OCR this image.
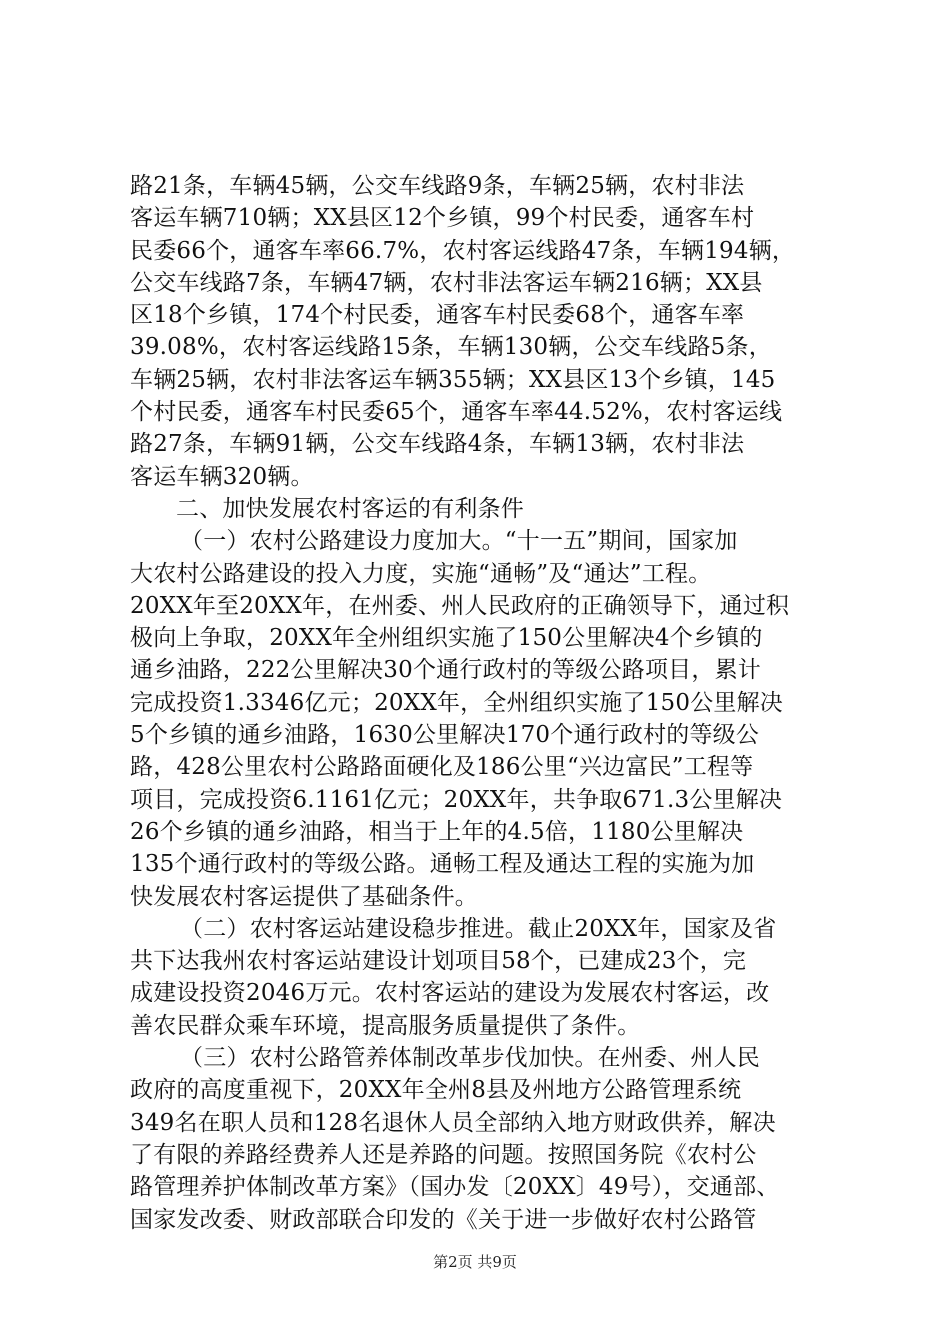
路21条，车辆45辆，公交车线路9条，车辆25辆，农村非法
客运车辆710辆；XX县区12个乡镇，99个村民委，通客车村
民委66个，通客车率66.7%，农村客运线路47条，车辆194辆，
公交车线路7条，车辆47辆，农村非法客运车辆216辆；XX县
区18个乡镇，174个村民委，通客车村民委68个，通客车率
39.08%，农村客运线路15条，车辆130辆，公交车线路5条，
车辆25辆，农村非法客运车辆355辆；XX县区13个乡镇，145
个村民委，通客车村民委65个，通客车率44.52%，农村客运线
路27条，车辆91辆，公交车线路4条，车辆13辆，农村非法
客运车辆320辆。
二、加快发展农村客运的有利条件
（一）农村公路建设力度加大。“十一五”期间，国家加
大农村公路建设的投入力度，实施“通畅”及“通达”工程。
20XX年至20XX年，在州委、州人民政府的正确领导下，通过积
极向上争取，20XX年全州组织实施了150公里解决4个乡镇的
通乡油路，222公里解决30个通行政村的等级公路项目，累计
完成投资1.3346亿元；20XX年，全州组织实施了150公里解决
5个乡镇的通乡油路，1630公里解决170个通行政村的等级公
路，428公里农村公路路面硬化及186公里“兴边富民”工程等
项目，完成投资6.1161亿元；20XX年，共争取671.3公里解决
26个乡镇的通乡油路，相当于上年的4.5倍，1180公里解决
135个通行政村的等级公路。通畅工程及通达工程的实施为加
快发展农村客运提供了基础条件。
（二）农村客运站建设稳步推进。截止20XX年，国家及省
共下达我州农村客运站建设计划项目58个，已建成23个，完
成建设投资2046万元。农村客运站的建设为发展农村客运，改
善农民群众乘车环境，提高服务质量提供了条件。
（三）农村公路管养体制改革步伐加快。在州委、州人民
政府的高度重视下，20XX年全州8县及州地方公路管理系统
349名在职人员和128名退休人员全部纳入地方财政供养，解决
了有限的养路经费养人还是养路的问题。按照国务院《农村公
路管理养护体制改革方案》（国办发〔20XX〕49号），交通部、
国家发改委、财政部联合印发的《关于进一步做好农村公路管
第2页 共9页
